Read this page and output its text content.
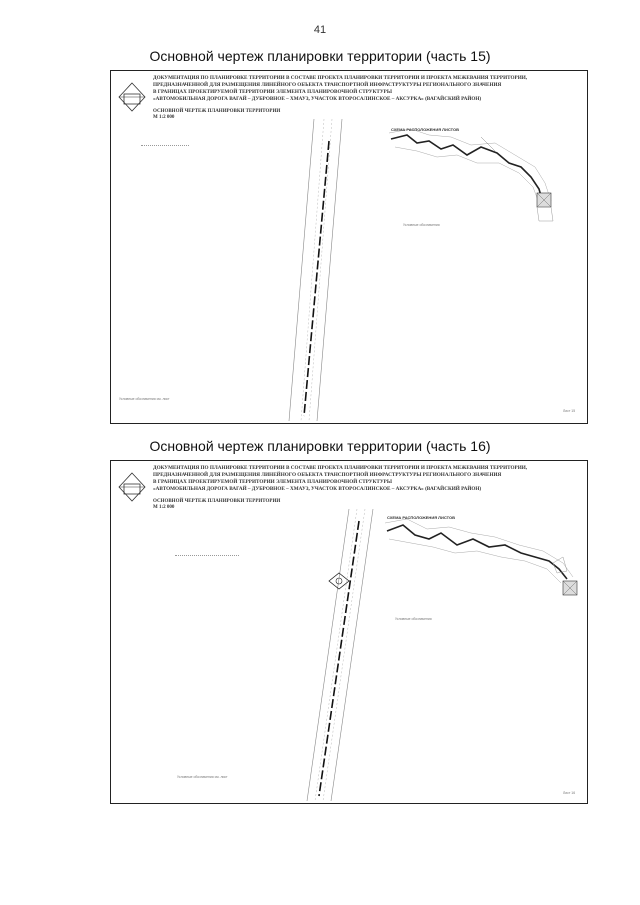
41
Основной чертеж планировки территории (часть 15)
ДОКУМЕНТАЦИЯ ПО ПЛАНИРОВКЕ ТЕРРИТОРИИ В СОСТАВЕ ПРОЕКТА ПЛАНИРОВКИ ТЕРРИТОРИИ И ПРОЕКТА МЕЖЕВАНИЯ ТЕРРИТОРИИ,
ПРЕДНАЗНАЧЕННОЙ ДЛЯ РАЗМЕЩЕНИЯ ЛИНЕЙНОГО ОБЪЕКТА ТРАНСПОРТНОЙ ИНФРАСТРУКТУРЫ РЕГИОНАЛЬНОГО ЗНАЧЕНИЯ
В ГРАНИЦАХ ПРОЕКТИРУЕМОЙ ТЕРРИТОРИИ ЭЛЕМЕНТА ПЛАНИРОВОЧНОЙ СТРУКТУРЫ
«АВТОМОБИЛЬНАЯ ДОРОГА ВАГАЙ – ДУБРОВНОЕ – ХМАУЗ, УЧАСТОК ВТОРОСАЛИНСКОЕ – АКСУРКА» (ВАГАЙСКИЙ РАЙОН)
ОСНОВНОЙ ЧЕРТЕЖ ПЛАНИРОВКИ ТЕРРИТОРИИ
М 1:2 000
СХЕМА РАСПОЛОЖЕНИЯ ЛИСТОВ
Условные обозначения
Условные обозначения см. лист
Лист 15
Основной чертеж планировки территории (часть 16)
ДОКУМЕНТАЦИЯ ПО ПЛАНИРОВКЕ ТЕРРИТОРИИ В СОСТАВЕ ПРОЕКТА ПЛАНИРОВКИ ТЕРРИТОРИИ И ПРОЕКТА МЕЖЕВАНИЯ ТЕРРИТОРИИ,
ПРЕДНАЗНАЧЕННОЙ ДЛЯ РАЗМЕЩЕНИЯ ЛИНЕЙНОГО ОБЪЕКТА ТРАНСПОРТНОЙ ИНФРАСТРУКТУРЫ РЕГИОНАЛЬНОГО ЗНАЧЕНИЯ
В ГРАНИЦАХ ПРОЕКТИРУЕМОЙ ТЕРРИТОРИИ ЭЛЕМЕНТА ПЛАНИРОВОЧНОЙ СТРУКТУРЫ
«АВТОМОБИЛЬНАЯ ДОРОГА ВАГАЙ – ДУБРОВНОЕ – ХМАУЗ, УЧАСТОК ВТОРОСАЛИНСКОЕ – АКСУРКА» (ВАГАЙСКИЙ РАЙОН)
ОСНОВНОЙ ЧЕРТЕЖ ПЛАНИРОВКИ ТЕРРИТОРИИ
М 1:2 000
СХЕМА РАСПОЛОЖЕНИЯ ЛИСТОВ
Условные обозначения
Условные обозначения см. лист
Лист 16
